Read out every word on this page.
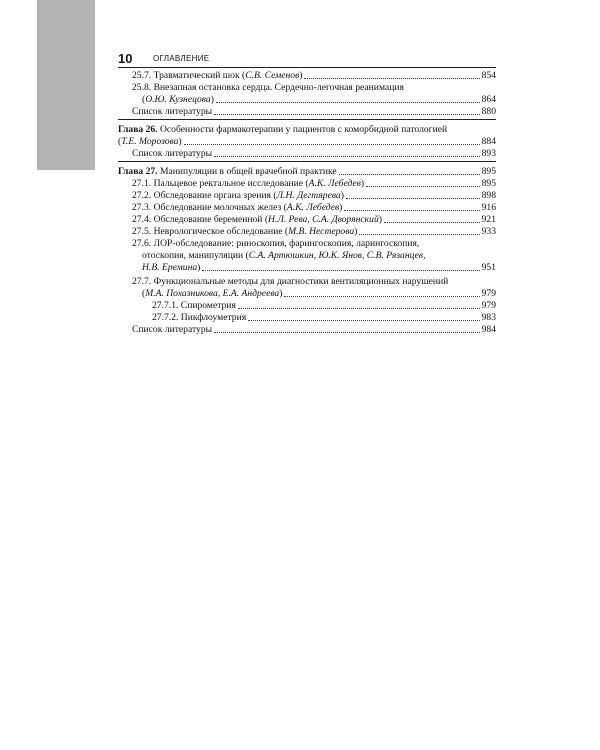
10	ОГЛАВЛЕНИЕ
25.7. Травматический шок (С.В. Семенов)	854
25.8. Внезапная остановка сердца. Сердечно-легочная реанимация
(О.Ю. Кузнецова)	864
Список литературы	880
Глава 26. Особенности фармакотерапии у пациентов с коморбидной патологией
(Т.Е. Морозова)	884
Список литературы	893
Глава 27. Манипуляции в общей врачебной практике	895
27.1. Пальцевое ректальное исследование (А.К. Лебедев)	895
27.2. Обследование органа зрения (Л.Н. Дегтярева)	898
27.3. Обследование молочных желез (А.К. Лебедев)	916
27.4. Обследование беременной (Н.Л. Рева, С.А. Дворянский)	921
27.5. Неврологическое обследование (М.В. Нестерова)	933
27.6. ЛОР-обследование: риноскопия, фарингоскопия, ларингоскопия,
отоскопия, манипуляции (С.А. Артюшкин, Ю.К. Янов, С.В. Рязанцев,
Н.В. Еремина)	951
27.7. Функциональные методы для диагностики вентиляционных нарушений
(М.А. Похазникова, Е.А. Андреева)	979
27.7.1. Спирометрия	979
27.7.2. Пикфлоуметрия	983
Список литературы	984
